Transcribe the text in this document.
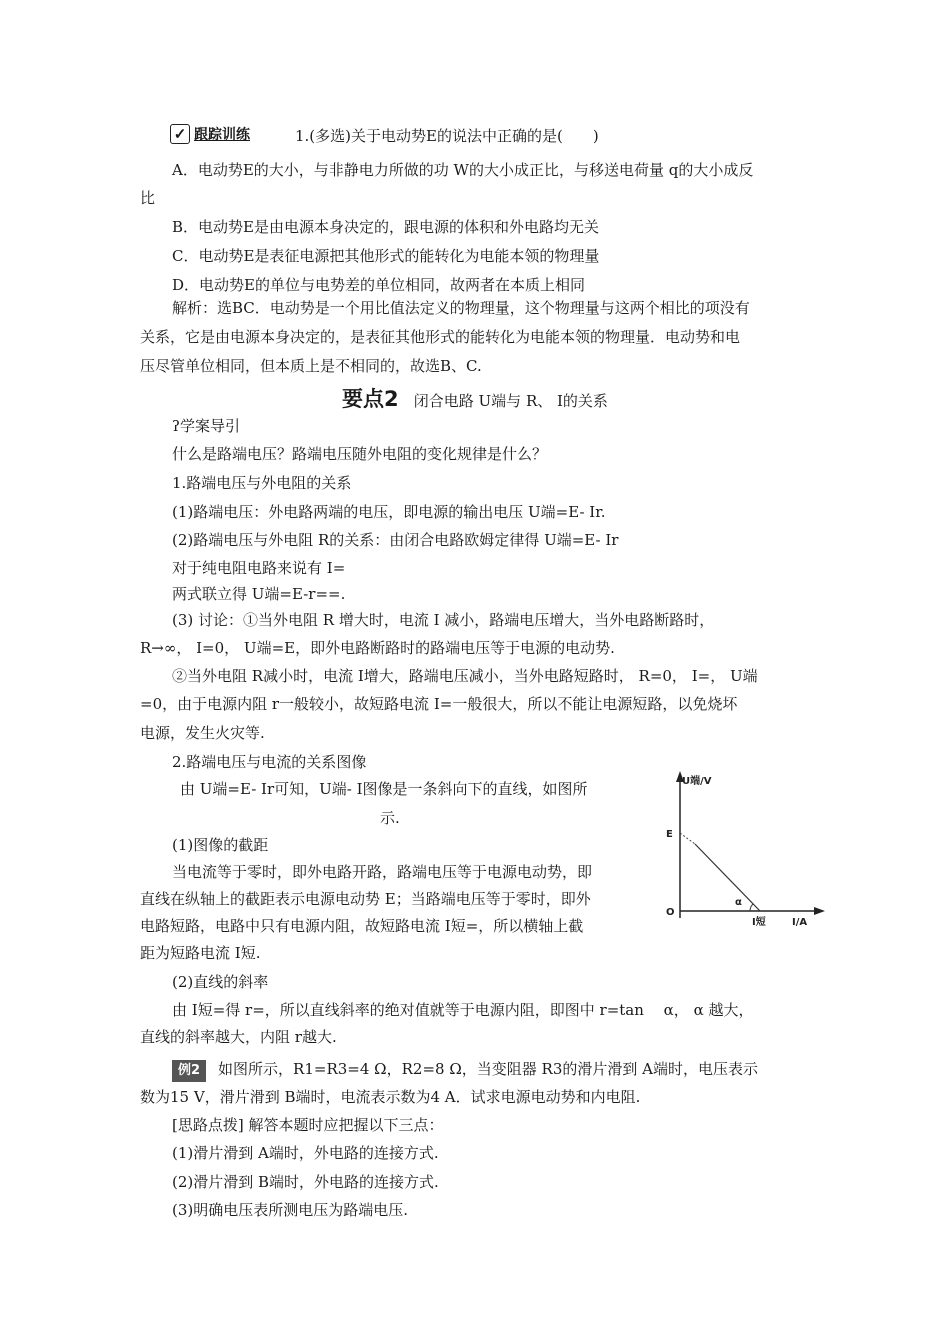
✓ 跟踪训练	1.(多选)关于电动势E的说法中正确的是(　　)
A．电动势E的大小，与非静电力所做的功 W的大小成正比，与移送电荷量 q的大小成反
比
B．电动势E是由电源本身决定的，跟电源的体积和外电路均无关
C．电动势E是表征电源把其他形式的能转化为电能本领的物理量
D．电动势E的单位与电势差的单位相同，故两者在本质上相同
解析：选BC．电动势是一个用比值法定义的物理量，这个物理量与这两个相比的项没有
关系，它是由电源本身决定的，是表征其他形式的能转化为电能本领的物理量．电动势和电
压尽管单位相同，但本质上是不相同的，故选B、C.
要点2 闭合电路 U端与 R、 I的关系
ʔ学案导引
什么是路端电压？路端电压随外电阻的变化规律是什么？
1.路端电压与外电阻的关系
(1)路端电压：外电路两端的电压，即电源的输出电压 U端=E- Ir.
(2)路端电压与外电阻 R的关系：由闭合电路欧姆定律得 U端=E- Ir
对于纯电阻电路来说有 I=
两式联立得 U端=E-r==.
(3) 讨论：①当外电阻 R 增大时，电流 I 减小，路端电压增大，当外电路断路时，
R→∞， I=0， U端=E，即外电路断路时的路端电压等于电源的电动势.
②当外电阻 R减小时，电流 I增大，路端电压减小，当外电路短路时， R=0， I=， U端
=0，由于电源内阻 r一般较小，故短路电流 I=一般很大，所以不能让电源短路，以免烧坏
电源，发生火灾等.
2.路端电压与电流的关系图像
由 U端=E- Ir可知，U端- I图像是一条斜向下的直线，如图所
示.
(1)图像的截距
当电流等于零时，即外电路开路，路端电压等于电源电动势，即
直线在纵轴上的截距表示电源电动势 E；当路端电压等于零时，即外
电路短路，电路中只有电源内阻，故短路电流 I短=，所以横轴上截
距为短路电流 I短.
(2)直线的斜率
由 I短=得 r=，所以直线斜率的绝对值就等于电源内阻，即图中 r=tan 　α， α 越大，
直线的斜率越大，内阻 r越大.
U端/V
E
O
α
I短	I/A
例2 如图所示，R1=R3=4 Ω，R2=8 Ω，当变阻器 R3的滑片滑到 A端时，电压表示
数为15 V，滑片滑到 B端时，电流表示数为4 A．试求电源电动势和内电阻.
[思路点拨] 解答本题时应把握以下三点：
(1)滑片滑到 A端时，外电路的连接方式.
(2)滑片滑到 B端时，外电路的连接方式.
(3)明确电压表所测电压为路端电压.
